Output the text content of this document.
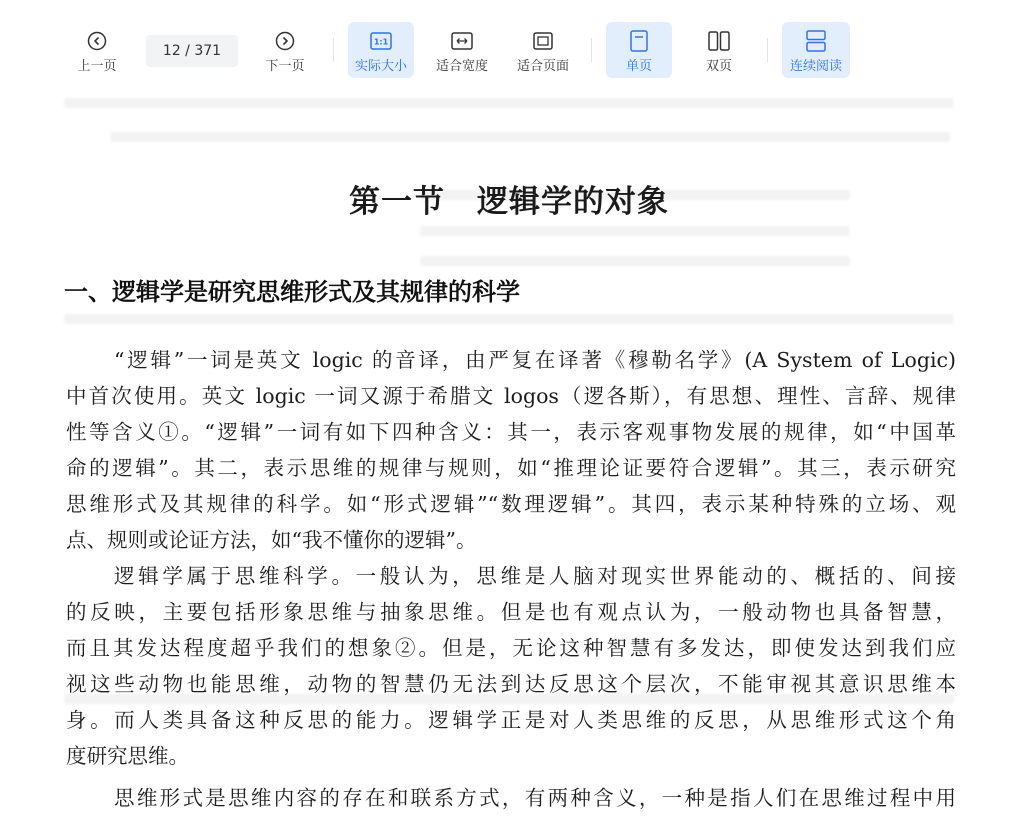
上一页
12 / 371
下一页
1:1
实际大小 适合宽度 适合页面	单页	双页	连续阅读
第一节　逻辑学的对象
一、逻辑学是研究思维形式及其规律的科学
“逻辑”一词是英文 logic 的音译，由严复在译著《穆勒名学》(A System of Logic)
中首次使用。英文 logic 一词又源于希腊文 logos（逻各斯），有思想、理性、言辞、规律
性等含义①。“逻辑”一词有如下四种含义：其一，表示客观事物发展的规律，如“中国革
命的逻辑”。其二，表示思维的规律与规则，如“推理论证要符合逻辑”。其三，表示研究
思维形式及其规律的科学。如“形式逻辑”“数理逻辑”。其四，表示某种特殊的立场、观
点、规则或论证方法，如“我不懂你的逻辑”。
逻辑学属于思维科学。一般认为，思维是人脑对现实世界能动的、概括的、间接
的反映，主要包括形象思维与抽象思维。但是也有观点认为，一般动物也具备智慧，
而且其发达程度超乎我们的想象②。但是，无论这种智慧有多发达，即使发达到我们应
视这些动物也能思维，动物的智慧仍无法到达反思这个层次，不能审视其意识思维本
身。而人类具备这种反思的能力。逻辑学正是对人类思维的反思，从思维形式这个角
度研究思维。
思维形式是思维内容的存在和联系方式，有两种含义，一种是指人们在思维过程中用
